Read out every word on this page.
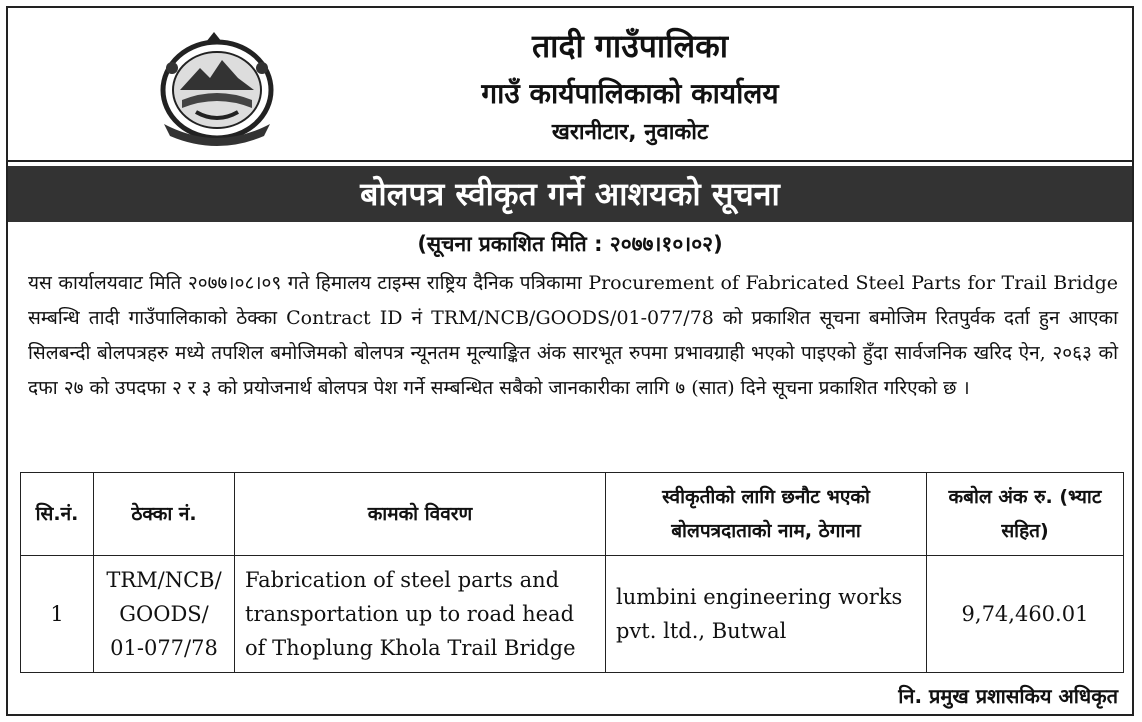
तादी गाउँपालिका
गाउँ कार्यपालिकाको कार्यालय
खरानीटार, नुवाकोट
बोलपत्र स्वीकृत गर्ने आशयको सूचना
(सूचना प्रकाशित मिति : २०७७।१०।०२)
यस कार्यालयवाट मिति २०७७।०८।०९ गते हिमालय टाइम्स राष्ट्रिय दैनिक पत्रिकामा Procurement of Fabricated Steel Parts for Trail Bridge सम्बन्धि तादी गाउँपालिकाको ठेक्का Contract ID नं TRM/NCB/GOODS/01-077/78 को प्रकाशित सूचना बमोजिम रितपुर्वक दर्ता हुन आएका सिलबन्दी बोलपत्रहरु मध्ये तपशिल बमोजिमको बोलपत्र न्यूनतम मूल्याङ्कित अंक सारभूत रुपमा प्रभावग्राही भएको पाइएको हुँदा सार्वजनिक खरिद ऐन, २०६३ को दफा २७ को उपदफा २ र ३ को प्रयोजनार्थ बोलपत्र पेश गर्ने सम्बन्धित सबैको जानकारीका लागि ७ (सात) दिने सूचना प्रकाशित गरिएको छ ।
सि.नं.	ठेक्का नं.	कामको विवरण	स्वीकृतीको लागि छनौट भएको बोलपत्रदाताको नाम, ठेगाना	कबोल अंक रु. (भ्याट सहित)
1	TRM/NCB/ GOODS/ 01-077/78	Fabrication of steel parts and transportation up to road head of Thoplung Khola Trail Bridge	lumbini engineering works pvt. ltd., Butwal	9,74,460.01
नि. प्रमुख प्रशासकिय अधिकृत
